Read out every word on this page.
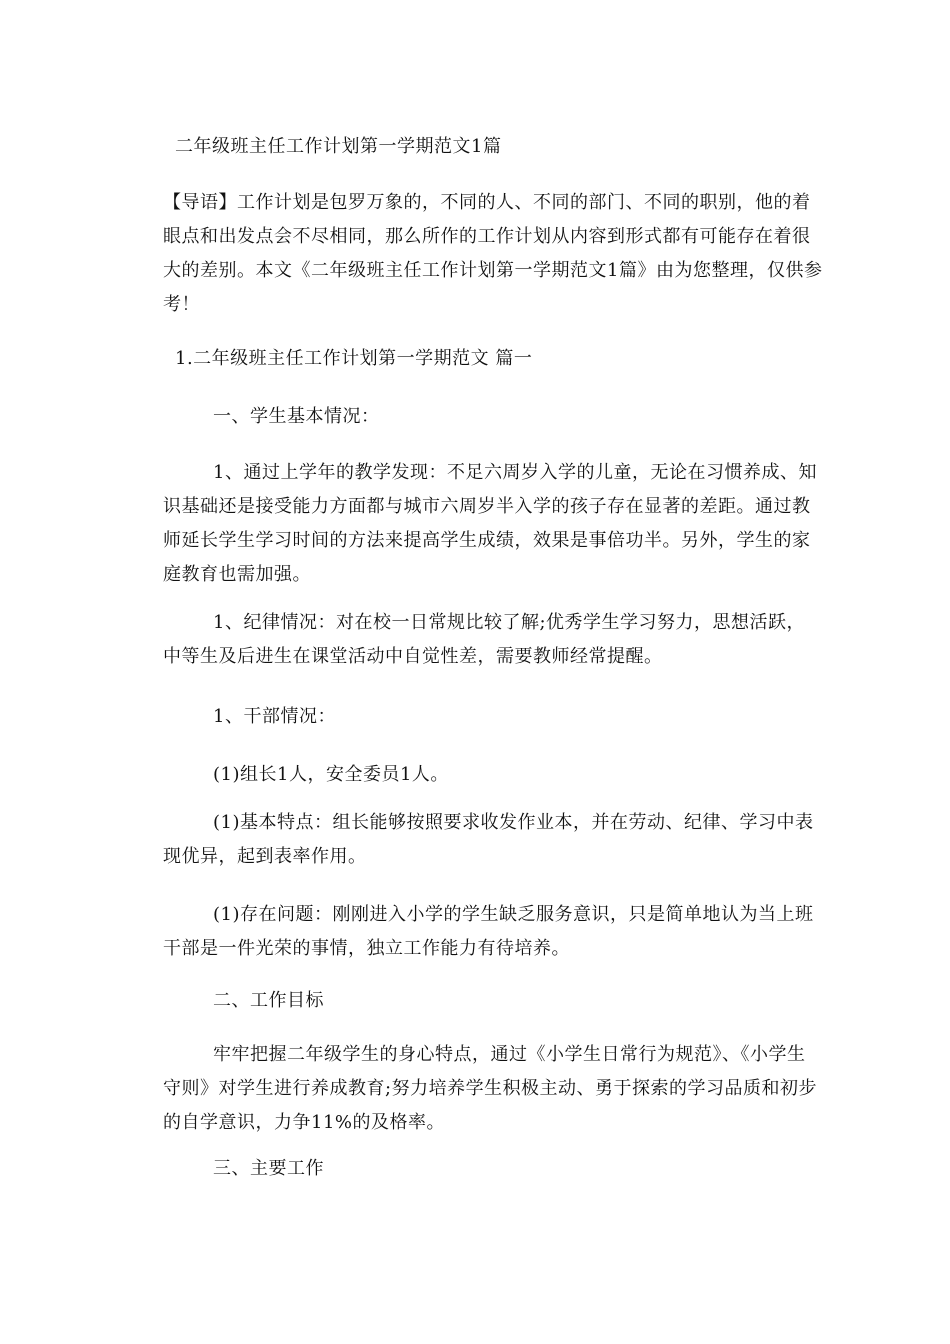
二年级班主任工作计划第一学期范文1篇

【导语】工作计划是包罗万象的，不同的人、不同的部门、不同的职别，他的着眼点和出发点会不尽相同，那么所作的工作计划从内容到形式都有可能存在着很大的差别。本文《二年级班主任工作计划第一学期范文1篇》由为您整理，仅供参考！

1.二年级班主任工作计划第一学期范文 篇一

一、学生基本情况：

1、通过上学年的教学发现：不足六周岁入学的儿童，无论在习惯养成、知识基础还是接受能力方面都与城市六周岁半入学的孩子存在显著的差距。通过教师延长学生学习时间的方法来提高学生成绩，效果是事倍功半。另外，学生的家庭教育也需加强。

1、纪律情况：对在校一日常规比较了解;优秀学生学习努力，思想活跃，中等生及后进生在课堂活动中自觉性差，需要教师经常提醒。

1、干部情况：

(1)组长1人，安全委员1人。

(1)基本特点：组长能够按照要求收发作业本，并在劳动、纪律、学习中表现优异，起到表率作用。

(1)存在问题：刚刚进入小学的学生缺乏服务意识，只是简单地认为当上班干部是一件光荣的事情，独立工作能力有待培养。

二、工作目标

牢牢把握二年级学生的身心特点，通过《小学生日常行为规范》、《小学生守则》对学生进行养成教育;努力培养学生积极主动、勇于探索的学习品质和初步的自学意识，力争11%的及格率。

三、主要工作
